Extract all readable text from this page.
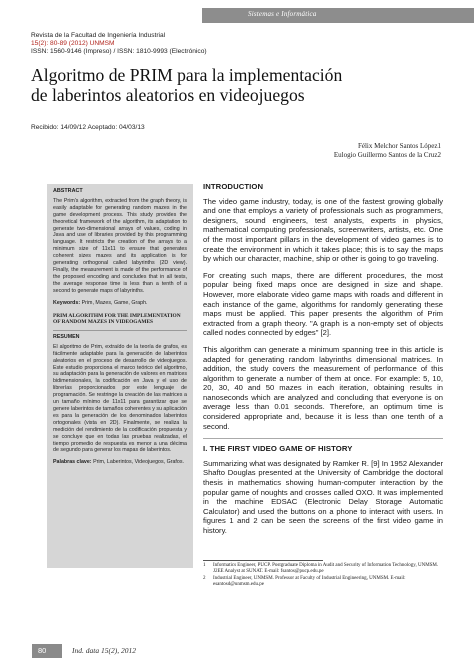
Sistemas e Informática
Revista de la Facultad de Ingeniería Industrial
15(2): 80-89 (2012) UNMSM
ISSN: 1560-9146 (Impreso) / ISSN: 1810-9993 (Electrónico)
Algoritmo de PRIM para la implementación
de laberintos aleatorios en videojuegos
Recibido: 14/09/12 Aceptado: 04/03/13
Félix Melchor Santos López1
Eulogio Guillermo Santos de la Cruz2
ABSTRACT

The Prim's algorithm, extracted from the graph theory, is easily adaptable for generating random mazes in the game development process. This study provides the theoretical framework of the algorithm, its adaptation to generate two-dimensional arrays of values, coding in Java and use of libraries provided by this programming language. It restricts the creation of the arrays to a minimum size of 11x11 to ensure that generates coherent sizes mazes and its application is for generating orthogonal called labyrinths (2D view). Finally, the measurement is made of the performance of the proposed encoding and concludes that in all tests, the average response time is less than a tenth of a second to generate maps of labyrinths.

Keywords: Prim, Mazes, Game, Graph.
PRIM ALGORITHM FOR THE IMPLEMENTATION OF RANDOM MAZES IN VIDEOGAMES
RESUMEN

El algoritmo de Prim, extraído de la teoría de grafos, es fácilmente adaptable para la generación de laberintos aleatorios en el proceso de desarrollo de videojuegos. Este estudio proporciona el marco teórico del algoritmo, su adaptación para la generación de valores en matrices bidimensionales, la codificación en Java y el uso de librerías proporcionados por este lenguaje de programación. Se restringe la creación de las matrices a un tamaño mínimo de 11x11 para garantizar que se genere laberintos de tamaños coherentes y su aplicación es para la generación de los denominados laberintos ortogonales (vista en 2D). Finalmente, se realiza la medición del rendimiento de la codificación propuesta y se concluye que en todas las pruebas realizadas, el tiempo promedio de respuesta es menor a una décima de segundo para generar los mapas de laberintos.

Palabras clave: Prim, Laberintos, Videojuegos, Grafos.
INTRODUCTION

The video game industry, today, is one of the fastest growing globally and one that employs a variety of professionals such as programmers, designers, sound engineers, test analysts, experts in physics, mathematical computing professionals, screenwriters, artists, etc. One of the most important pillars in the development of video games is to create the environment in which it takes place; this is to say the maps by which our character, machine, ship or other is going to go traveling.

For creating such maps, there are different procedures, the most popular being fixed maps once are designed in size and shape. However, more elaborate video game maps with roads and different in each instance of the game, algorithms for randomly generating these maps must be applied. This paper presents the algorithm of Prim extracted from a graph theory. "A graph is a non-empty set of objects called nodes connected by edges" [2].

This algorithm can generate a minimum spanning tree in this article is adapted for generating random labyrinths dimensional matrices. In addition, the study covers the measurement of performance of this algorithm to generate a number of them at once. For example: 5, 10, 20, 30, 40 and 50 mazes in each iteration, obtaining results in nanoseconds which are analyzed and concluding that everyone is on average less than 0.01 seconds. Therefore, an optimum time is considered appropriate and, because it is less than one tenth of a second.

I. THE FIRST VIDEO GAME OF HISTORY

Summarizing what was designated by Ramker R. [9] In 1952 Alexander Shafto Douglas presented at the University of Cambridge the doctoral thesis in mathematics showing human-computer interaction by the popular game of noughts and crosses called OXO. It was implemented in the machine EDSAC (Electronic Delay Storage Automatic Calculator) and used the buttons on a phone to interact with users. In figures 1 and 2 can be seen the screens of the first video game in history.

1	Informatics Engineer, PUCP. Postgraduate Diploma in Audit and Security of Information Technology, UNMSM. J2EE Analyst at SUNAT. E-mail: fsantos@pucp.edu.pe
2	Industrial Engineer, UNMSM. Professor at Faculty of Industrial Engineering, UNMSM. E-mail: esantosd@unmsm.edu.pe
80	Ind. data 15(2), 2012
